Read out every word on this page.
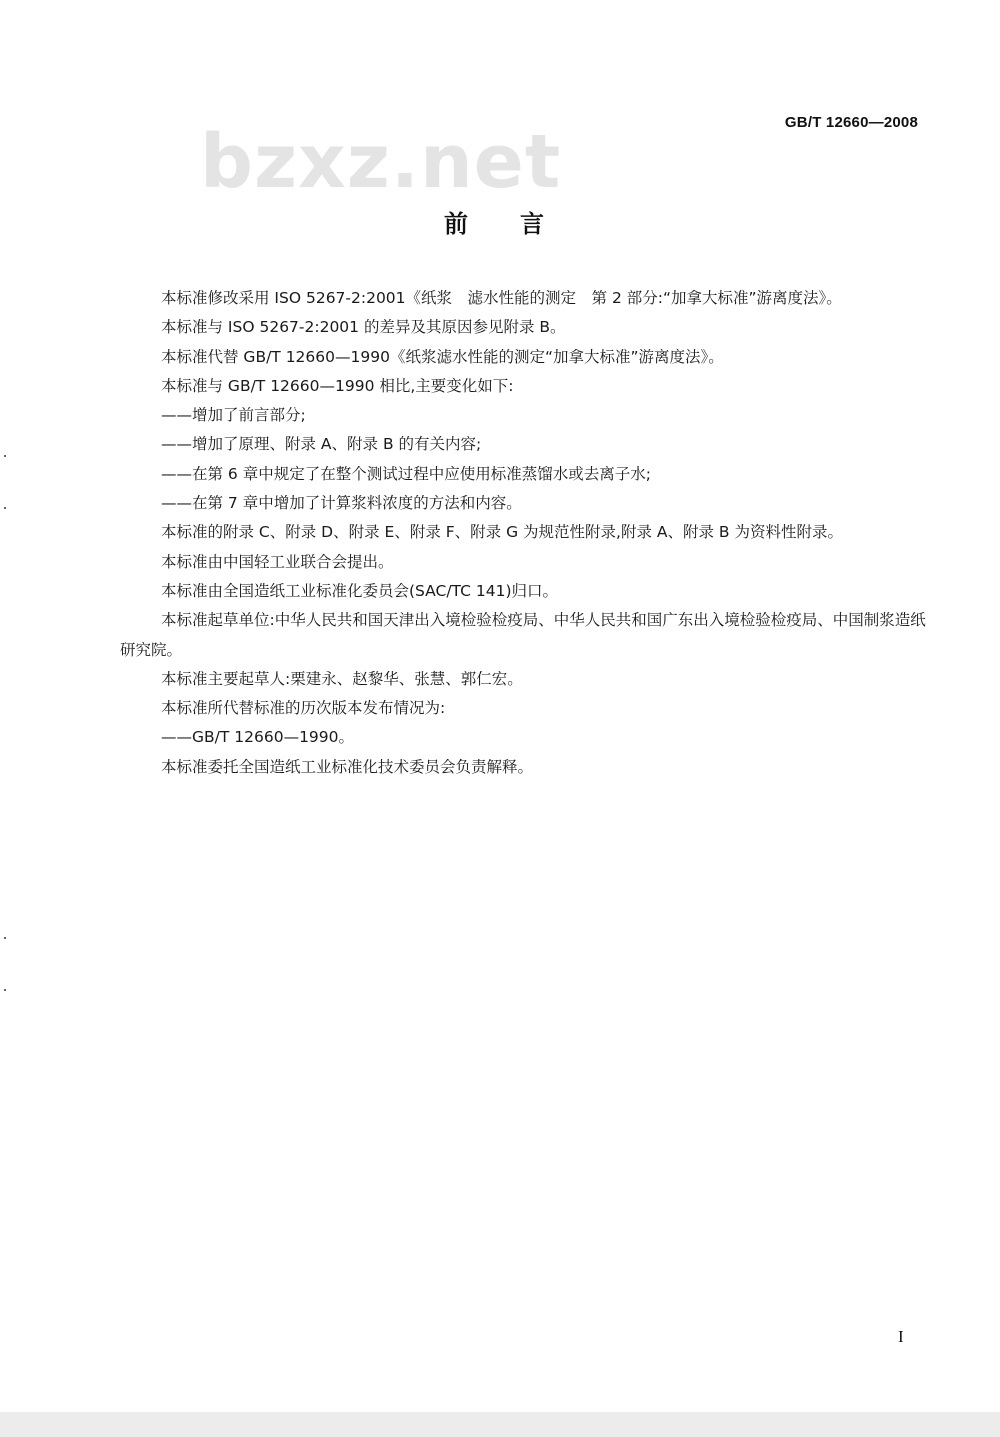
GB/T 12660—2008
bzxz.net
前言

本标准修改采用 ISO 5267-2:2001《纸浆　滤水性能的测定　第 2 部分:“加拿大标准”游离度法》。

本标准与 ISO 5267-2:2001 的差异及其原因参见附录 B。

本标准代替 GB/T 12660—1990《纸浆滤水性能的测定“加拿大标准”游离度法》。

本标准与 GB/T 12660—1990 相比,主要变化如下:

——增加了前言部分;

——增加了原理、附录 A、附录 B 的有关内容;

——在第 6 章中规定了在整个测试过程中应使用标准蒸馏水或去离子水;

——在第 7 章中增加了计算浆料浓度的方法和内容。

本标准的附录 C、附录 D、附录 E、附录 F、附录 G 为规范性附录,附录 A、附录 B 为资料性附录。

本标准由中国轻工业联合会提出。

本标准由全国造纸工业标准化委员会(SAC/TC 141)归口。

本标准起草单位:中华人民共和国天津出入境检验检疫局、中华人民共和国广东出入境检验检疫局、中国制浆造纸研究院。

本标准主要起草人:栗建永、赵黎华、张慧、郭仁宏。

本标准所代替标准的历次版本发布情况为:

——GB/T 12660—1990。

本标准委托全国造纸工业标准化技术委员会负责解释。

I
